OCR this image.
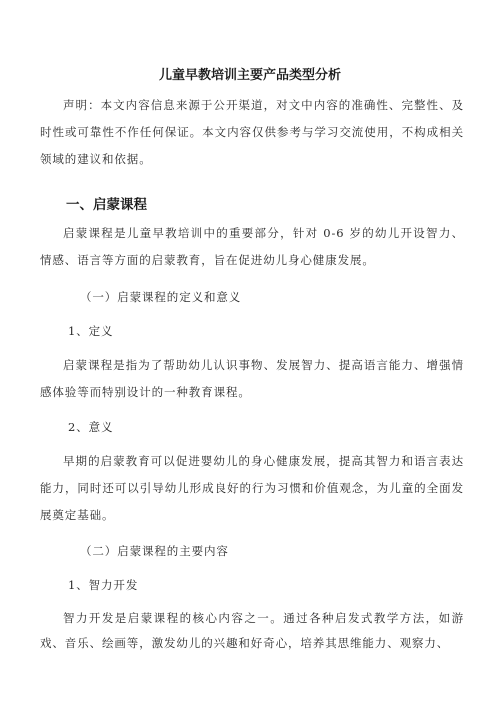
儿童早教培训主要产品类型分析
声明：本文内容信息来源于公开渠道，对文中内容的准确性、完整性、及时性或可靠性不作任何保证。本文内容仅供参考与学习交流使用，不构成相关领域的建议和依据。
一、启蒙课程
启蒙课程是儿童早教培训中的重要部分，针对 0-6 岁的幼儿开设智力、情感、语言等方面的启蒙教育，旨在促进幼儿身心健康发展。
（一）启蒙课程的定义和意义
1、定义
启蒙课程是指为了帮助幼儿认识事物、发展智力、提高语言能力、增强情感体验等而特别设计的一种教育课程。
2、意义
早期的启蒙教育可以促进婴幼儿的身心健康发展，提高其智力和语言表达能力，同时还可以引导幼儿形成良好的行为习惯和价值观念，为儿童的全面发展奠定基础。
（二）启蒙课程的主要内容
1、智力开发
智力开发是启蒙课程的核心内容之一。通过各种启发式教学方法，如游戏、音乐、绘画等，激发幼儿的兴趣和好奇心，培养其思维能力、观察力、
